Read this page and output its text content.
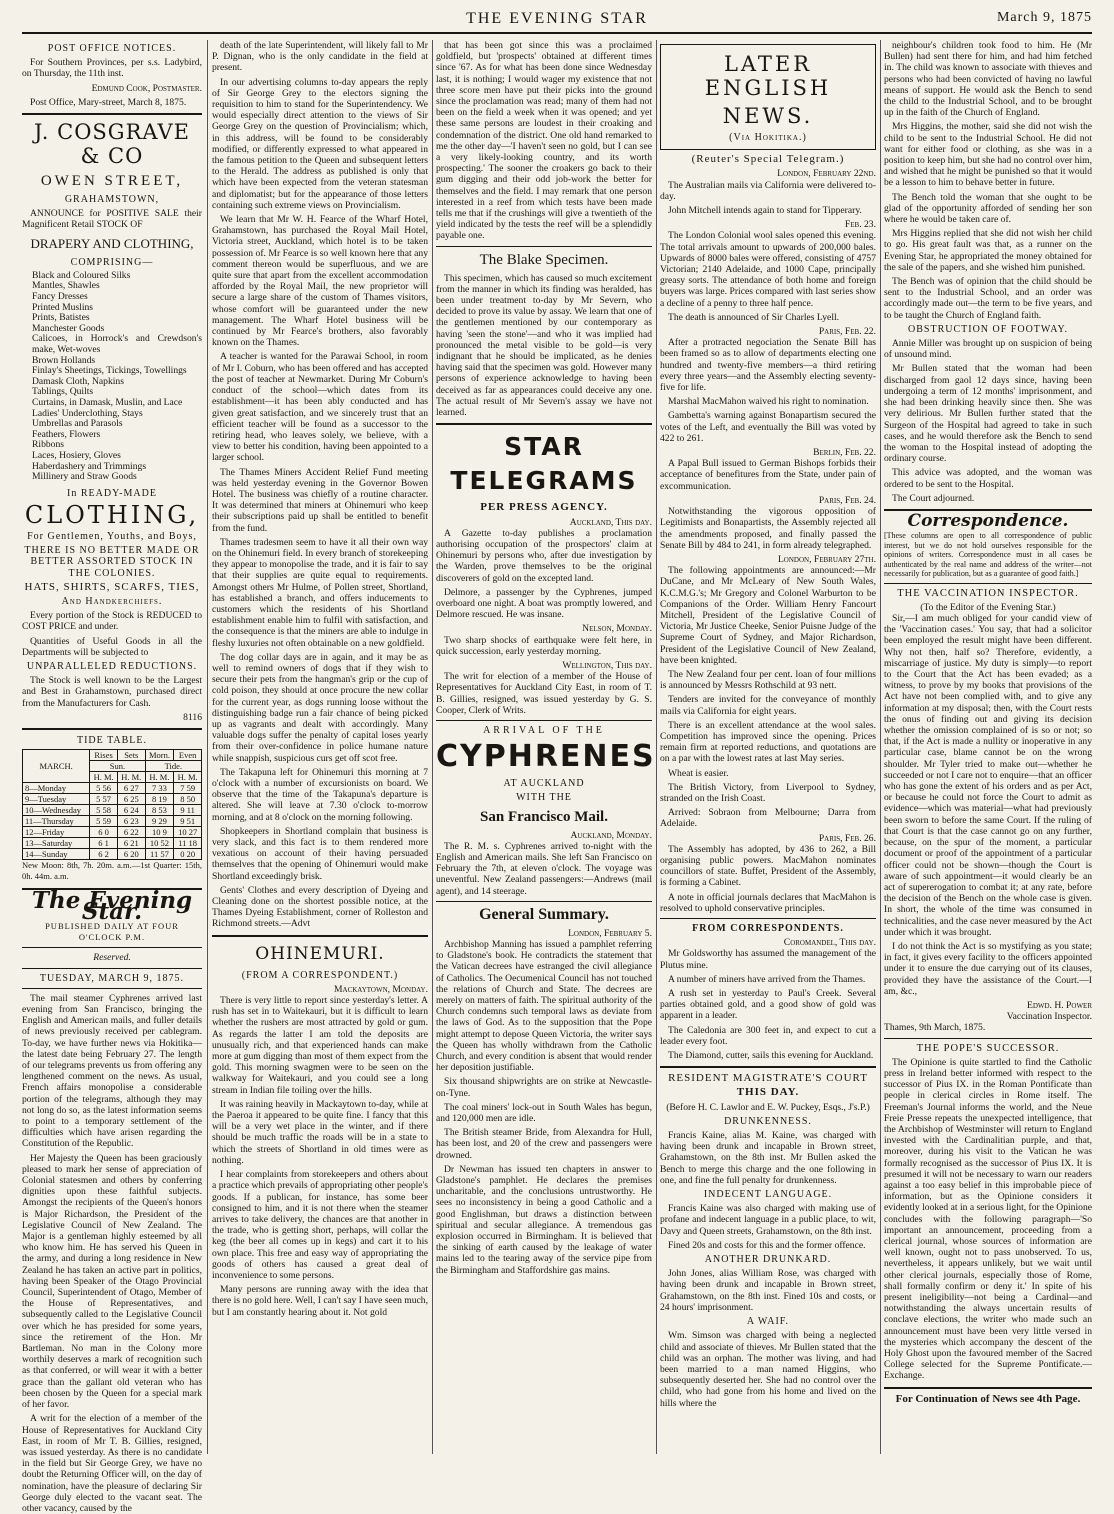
THE EVENING STAR	March 9, 1875
POST OFFICE NOTICES.

For Southern Provinces, per s.s. Ladybird, on Thursday, the 11th inst.

Edmund Cook, Postmaster.

Post Office, Mary-street, March 8, 1875.

J. COSGRAVE & CO
OWEN STREET,
GRAHAMSTOWN,

ANNOUNCE for POSITIVE SALE their Magnificent Retail STOCK OF

DRAPERY AND CLOTHING,
COMPRISING—
Black and Coloured Silks
Mantles, Shawles
Fancy Dresses
Printed Muslins
Prints, Batistes
Manchester Goods
Calicoes, in Horrock's and Crewdson's make, Wet-woves
Brown Hollands
Finlay's Sheetings, Tickings, Towellings
Damask Cloth, Napkins
Tablings, Quilts
Curtains, in Damask, Muslin, and Lace
Ladies' Underclothing, Stays
Umbrellas and Parasols
Feathers, Flowers
Ribbons
Laces, Hosiery, Gloves
Haberdashery and Trimmings
Millinery and Straw Goods
In READY-MADE
CLOTHING,
For Gentlemen, Youths, and Boys,
THERE IS NO BETTER MADE OR BETTER ASSORTED STOCK IN THE COLONIES.
HATS, SHIRTS, SCARFS, TIES,
And Handkerchiefs.

Every portion of the Stock is REDUCED to COST PRICE and under.

Quantities of Useful Goods in all the Departments will be subjected to

UNPARALLELED REDUCTIONS.

The Stock is well known to be the Largest and Best in Grahamstown, purchased direct from the Manufacturers for Cash.

8116
TIDE TABLE.
MARCH.	Rises	Sets	Morn.	Even
	Sun.		Tide.	
	H. M.	H. M.	H. M.	H. M.
8—Monday	5 56	6 27	7 33	7 59
9—Tuesday	5 57	6 25	8 19	8 50
10—Wednesday	5 58	6 24	8 53	9 11
11—Thursday	5 59	6 23	9 29	9 51
12—Friday	6 0	6 22	10 9	10 27
13—Saturday	6 1	6 21	10 52	11 18
14—Sunday	6 2	6 20	11 57	0 20

New Moon: 8th, 7h. 20m. a.m.—1st Quarter: 15th, 0h. 44m. a.m.

The Evening Star.
PUBLISHED DAILY AT FOUR O'CLOCK P.M.
Reserved.
TUESDAY, MARCH 9, 1875.

The mail steamer Cyphrenes arrived last evening from San Francisco, bringing the English and American mails, and fuller details of news previously received per cablegram. To-day, we have further news via Hokitika—the latest date being February 27. The length of our telegrams prevents us from offering any lengthened comment on the news. As usual, French affairs monopolise a considerable portion of the telegrams, although they may not long do so, as the latest information seems to point to a temporary settlement of the difficulties which have arisen regarding the Constitution of the Republic.

Her Majesty the Queen has been graciously pleased to mark her sense of appreciation of Colonial statesmen and others by conferring dignities upon these faithful subjects. Amongst the recipients of the Queen's honors is Major Richardson, the President of the Legislative Council of New Zealand. The Major is a gentleman highly esteemed by all who know him. He has served his Queen in the army, and during a long residence in New Zealand he has taken an active part in politics, having been Speaker of the Otago Provincial Council, Superintendent of Otago, Member of the House of Representatives, and subsequently called to the Legislative Council over which he has presided for some years, since the retirement of the Hon. Mr Bartleman. No man in the Colony more worthily deserves a mark of recognition such as that conferred, or will wear it with a better grace than the gallant old veteran who has been chosen by the Queen for a special mark of her favor.

A writ for the election of a member of the House of Representatives for Auckland City East, in room of Mr T. B. Gillies, resigned, was issued yesterday. As there is no candidate in the field but Sir George Grey, we have no doubt the Returning Officer will, on the day of nomination, have the pleasure of declaring Sir George duly elected to the vacant seat. The other vacancy, caused by the

death of the late Superintendent, will likely fall to Mr P. Dignan, who is the only candidate in the field at present.

In our advertising columns to-day appears the reply of Sir George Grey to the electors signing the requisition to him to stand for the Superintendency. We would especially direct attention to the views of Sir George Grey on the question of Provincialism; which, in this address, will be found to be considerably modified, or differently expressed to what appeared in the famous petition to the Queen and subsequent letters to the Herald. The address as published is only that which have been expected from the veteran statesman and diplomatist; but for the appearance of those letters containing such extreme views on Provincialism.

We learn that Mr W. H. Fearce of the Wharf Hotel, Grahamstown, has purchased the Royal Mail Hotel, Victoria street, Auckland, which hotel is to be taken possession of. Mr Fearce is so well known here that any comment thereon would be superfluous, and we are quite sure that apart from the excellent accommodation afforded by the Royal Mail, the new proprietor will secure a large share of the custom of Thames visitors, whose comfort will be guaranteed under the new management. The Wharf Hotel business will be continued by Mr Fearce's brothers, also favorably known on the Thames.

A teacher is wanted for the Parawai School, in room of Mr I. Coburn, who has been offered and has accepted the post of teacher at Newmarket. During Mr Coburn's conduct of the school—which dates from its establishment—it has been ably conducted and has given great satisfaction, and we sincerely trust that an efficient teacher will be found as a successor to the retiring head, who leaves solely, we believe, with a view to better his condition, having been appointed to a larger school.

The Thames Miners Accident Relief Fund meeting was held yesterday evening in the Governor Bowen Hotel. The business was chiefly of a routine character. It was determined that miners at Ohinemuri who keep their subscriptions paid up shall be entitled to benefit from the fund.

Thames tradesmen seem to have it all their own way on the Ohinemuri field. In every branch of storekeeping they appear to monopolise the trade, and it is fair to say that their supplies are quite equal to requirements. Amongst others Mr Hulme, of Pollen street, Shortland, has established a branch, and offers inducements to customers which the residents of his Shortland establishment enable him to fulfil with satisfaction, and the consequence is that the miners are able to indulge in fleshy luxuries not often obtainable on a new goldfield.

The dog collar days are in again, and it may be as well to remind owners of dogs that if they wish to secure their pets from the hangman's grip or the cup of cold poison, they should at once procure the new collar for the current year, as dogs running loose without the distinguishing badge run a fair chance of being picked up as vagrants and dealt with accordingly. Many valuable dogs suffer the penalty of capital loses yearly from their over-confidence in police humane nature while snappish, suspicious curs get off scot free.

The Takapuna left for Ohinemuri this morning at 7 o'clock with a number of excursionists on board. We observe that the time of the Takapuna's departure is altered. She will leave at 7.30 o'clock to-morrow morning, and at 8 o'clock on the morning following.

Shopkeepers in Shortland complain that business is very slack, and this fact is to them rendered more vexatious on account of their having persuaded themselves that the opening of Ohinemuri would make Shortland exceedingly brisk.

Gents' Clothes and every description of Dyeing and Cleaning done on the shortest possible notice, at the Thames Dyeing Establishment, corner of Rolleston and Richmond streets.—Advt

OHINEMURI.
(FROM A CORRESPONDENT.)
Mackaytown, Monday.

There is very little to report since yesterday's letter. A rush has set in to Waitekauri, but it is difficult to learn whether the rushers are most attracted by gold or gum. As regards the latter I am told the deposits are unusually rich, and that experienced hands can make more at gum digging than most of them expect from the gold. This morning swagmen were to be seen on the walkway for Waitekauri, and you could see a long stream in Indian file toiling over the hills.

It was raining heavily in Mackaytown to-day, while at the Paeroa it appeared to be quite fine. I fancy that this will be a very wet place in the winter, and if there should be much traffic the roads will be in a state to which the streets of Shortland in old times were as nothing.

I hear complaints from storekeepers and others about a practice which prevails of appropriating other people's goods. If a publican, for instance, has some beer consigned to him, and it is not there when the steamer arrives to take delivery, the chances are that another in the trade, who is getting short, perhaps, will collar the keg (the beer all comes up in kegs) and cart it to his own place. This free and easy way of appropriating the goods of others has caused a great deal of inconvenience to some persons.

Many persons are running away with the idea that there is no gold here. Well, I can't say I have seen much, but I am constantly hearing about it. Not gold

that has been got since this was a proclaimed goldfield, but 'prospects' obtained at different times since '67. As for what has been done since Wednesday last, it is nothing; I would wager my existence that not three score men have put their picks into the ground since the proclamation was read; many of them had not been on the field a week when it was opened; and yet these same persons are loudest in their croaking and condemnation of the district. One old hand remarked to me the other day—'I haven't seen no gold, but I can see a very likely-looking country, and its worth prospecting.' The sooner the croakers go back to their gum digging and their odd job-work the better for themselves and the field. I may remark that one person interested in a reef from which tests have been made tells me that if the crushings will give a twentieth of the yield indicated by the tests the reef will be a splendidly payable one.

The Blake Specimen.

This specimen, which has caused so much excitement from the manner in which its finding was heralded, has been under treatment to-day by Mr Severn, who decided to prove its value by assay. We learn that one of the gentlemen mentioned by our contemporary as having 'seen the stone'—and who it was implied had pronounced the metal visible to be gold—is very indignant that he should be implicated, as he denies having said that the specimen was gold. However many persons of experience acknowledge to having been deceived as far as appearances could deceive any one. The actual result of Mr Severn's assay we have not learned.

STAR TELEGRAMS
PER PRESS AGENCY.
Auckland, This day.

A Gazette to-day publishes a proclamation authorising occupation of the prospectors' claim at Ohinemuri by persons who, after due investigation by the Warden, prove themselves to be the original discoverers of gold on the excepted land.

Delmore, a passenger by the Cyphrenes, jumped overboard one night. A boat was promptly lowered, and Delmore rescued. He was insane.

Nelson, Monday.

Two sharp shocks of earthquake were felt here, in quick succession, early yesterday morning.

Wellington, This day.

The writ for election of a member of the House of Representatives for Auckland City East, in room of T. B. Gillies, resigned, was issued yesterday by G. S. Cooper, Clerk of Writs.

ARRIVAL OF THE
CYPHRENES
AT AUCKLAND
WITH THE
San Francisco Mail.
Auckland, Monday.

The R. M. s. Cyphrenes arrived to-night with the English and American mails. She left San Francisco on February the 7th, at eleven o'clock. The voyage was uneventful. New Zealand passengers:—Andrews (mail agent), and 14 steerage.

General Summary.
London, February 5.

Archbishop Manning has issued a pamphlet referring to Gladstone's book. He contradicts the statement that the Vatican decrees have estranged the civil allegiance of Catholics. The Oecumenical Council has not touched the relations of Church and State. The decrees are merely on matters of faith. The spiritual authority of the Church condemns such temporal laws as deviate from the laws of God. As to the supposition that the Pope might attempt to depose Queen Victoria, the writer says the Queen has wholly withdrawn from the Catholic Church, and every condition is absent that would render her deposition justifiable.

Six thousand shipwrights are on strike at Newcastle-on-Tyne.

The coal miners' lock-out in South Wales has begun, and 120,000 men are idle.

The British steamer Bride, from Alexandra for Hull, has been lost, and 20 of the crew and passengers were drowned.

Dr Newman has issued ten chapters in answer to Gladstone's pamphlet. He declares the premises uncharitable, and the conclusions untrustworthy. He sees no inconsistency in being a good Catholic and a good Englishman, but draws a distinction between spiritual and secular allegiance. A tremendous gas explosion occurred in Birmingham. It is believed that the sinking of earth caused by the leakage of water mains led to the tearing away of the service pipe from the Birmingham and Staffordshire gas mains.

LATER ENGLISH
NEWS.
(Via Hokitika.)
(Reuter's Special Telegram.)
London, February 22nd.

The Australian mails via California were delivered to-day.

John Mitchell intends again to stand for Tipperary.

Feb. 23.

The London Colonial wool sales opened this evening. The total arrivals amount to upwards of 200,000 bales. Upwards of 8000 bales were offered, consisting of 4757 Victorian; 2140 Adelaide, and 1000 Cape, principally greasy sorts. The attendance of both home and foreign buyers was large. Prices compared with last series show a decline of a penny to three half pence.

The death is announced of Sir Charles Lyell.

Paris, Feb. 22.

After a protracted negociation the Senate Bill has been framed so as to allow of departments electing one hundred and twenty-five members—a third retiring every three years—and the Assembly electing seventy-five for life.

Marshal MacMahon waived his right to nomination.

Gambetta's warning against Bonapartism secured the votes of the Left, and eventually the Bill was voted by 422 to 261.

Berlin, Feb. 22.

A Papal Bull issued to German Bishops forbids their acceptance of benefitures from the State, under pain of excommunication.

Paris, Feb. 24.

Notwithstanding the vigorous opposition of Legitimists and Bonapartists, the Assembly rejected all the amendments proposed, and finally passed the Senate Bill by 484 to 241, in form already telegraphed.

London, February 27th.

The following appointments are announced:—Mr DuCane, and Mr McLeary of New South Wales, K.C.M.G.'s; Mr Gregory and Colonel Warburton to be Companions of the Order. William Henry Fancourt Mitchell, President of the Legislative Council of Victoria, Mr Justice Cheeke, Senior Puisne Judge of the Supreme Court of Sydney, and Major Richardson, President of the Legislative Council of New Zealand, have been knighted.

The New Zealand four per cent. loan of four millions is announced by Messrs Rothschild at 93 nett.

Tenders are invited for the conveyance of monthly mails via California for eight years.

There is an excellent attendance at the wool sales. Competition has improved since the opening. Prices remain firm at reported reductions, and quotations are on a par with the lowest rates at last May series.

Wheat is easier.

The British Victory, from Liverpool to Sydney, stranded on the Irish Coast.

Arrived: Sobraon from Melbourne; Darra from Adelaide.

Paris, Feb. 26.

The Assembly has adopted, by 436 to 262, a Bill organising public powers. MacMahon nominates councillors of state. Buffet, President of the Assembly, is forming a Cabinet.

A note in official journals declares that MacMahon is resolved to uphold conservative principles.

FROM CORRESPONDENTS.
Coromandel, This day.

Mr Goldsworthy has assumed the management of the Plutus mine.

A number of miners have arrived from the Thames.

A rush set in yesterday to Paul's Creek. Several parties obtained gold, and a good show of gold was apparent in a leader.

The Caledonia are 300 feet in, and expect to cut a leader every foot.

The Diamond, cutter, sails this evening for Auckland.

RESIDENT MAGISTRATE'S COURT
THIS DAY.
(Before H. C. Lawlor and E. W. Puckey, Esqs., J's.P.)
DRUNKENNESS.

Francis Kaine, alias M. Kaine, was charged with having been drunk and incapable in Brown street, Grahamstown, on the 8th inst. Mr Bullen asked the Bench to merge this charge and the one following in one, and fine the full penalty for drunkenness.

INDECENT LANGUAGE.

Francis Kaine was also charged with making use of profane and indecent language in a public place, to wit, Davy and Queen streets, Grahamstown, on the 8th inst.

Fined 20s and costs for this and the former offence.

ANOTHER DRUNKARD.

John Jones, alias William Rose, was charged with having been drunk and incapable in Brown street, Grahamstown, on the 8th inst. Fined 10s and costs, or 24 hours' imprisonment.

A WAIF.

Wm. Simson was charged with being a neglected child and associate of thieves. Mr Bullen stated that the child was an orphan. The mother was living, and had been married to a man named Higgins, who subsequently deserted her. She had no control over the child, who had gone from his home and lived on the hills where the

neighbour's children took food to him. He (Mr Bullen) had sent there for him, and had him fetched in. The child was known to associate with thieves and persons who had been convicted of having no lawful means of support. He would ask the Bench to send the child to the Industrial School, and to be brought up in the faith of the Church of England.

Mrs Higgins, the mother, said she did not wish the child to be sent to the Industrial School. He did not want for either food or clothing, as she was in a position to keep him, but she had no control over him, and wished that he might be punished so that it would be a lesson to him to behave better in future.

The Bench told the woman that she ought to be glad of the opportunity afforded of sending her son where he would be taken care of.

Mrs Higgins replied that she did not wish her child to go. His great fault was that, as a runner on the Evening Star, he appropriated the money obtained for the sale of the papers, and she wished him punished.

The Bench was of opinion that the child should be sent to the Industrial School, and an order was accordingly made out—the term to be five years, and to be taught the Church of England faith.

OBSTRUCTION OF FOOTWAY.

Annie Miller was brought up on suspicion of being of unsound mind.

Mr Bullen stated that the woman had been discharged from gaol 12 days since, having been undergoing a term of 12 months' imprisonment, and she had been drinking heavily since then. She was very delirious. Mr Bullen further stated that the Surgeon of the Hospital had agreed to take in such cases, and he would therefore ask the Bench to send the woman to the Hospital instead of adopting the ordinary course.

This advice was adopted, and the woman was ordered to be sent to the Hospital.

The Court adjourned.

Correspondence.

[These columns are open to all correspondence of public interest, but we do not hold ourselves responsible for the opinions of writers. Correspondence must in all cases be authenticated by the real name and address of the writer—not necessarily for publication, but as a guarantee of good faith.]

THE VACCINATION INSPECTOR.
(To the Editor of the Evening Star.)

Sir,—I am much obliged for your candid view of the 'Vaccination cases.' You say, that had a solicitor been employed the result might have been different. Why not then, half so? Therefore, evidently, a miscarriage of justice. My duty is simply—to report to the Court that the Act has been evaded; as a witness, to prove by my books that provisions of the Act have not been complied with, and to give any information at my disposal; then, with the Court rests the onus of finding out and giving its decision whether the omission complained of is so or not; so that, if the Act is made a nullity or inoperative in any particular case, blame cannot be on the wrong shoulder. Mr Tyler tried to make out—whether he succeeded or not I care not to enquire—that an officer who has gone the extent of his orders and as per Act, or because he could not force the Court to admit as evidence—which was material—what had previously been sworn to before the same Court. If the ruling of that Court is that the case cannot go on any further, because, on the spur of the moment, a particular document or proof of the appointment of a particular officer could not be shown—though the Court is aware of such appointment—it would clearly be an act of supererogation to combat it; at any rate, before the decision of the Bench on the whole case is given. In short, the whole of the time was consumed in technicalities, and the case never measured by the Act under which it was brought.

I do not think the Act is so mystifying as you state; in fact, it gives every facility to the officers appointed under it to ensure the due carrying out of its clauses, provided they have the assistance of the Court.—I am, &c.,

Edwd. H. Power
Vaccination Inspector.
Thames, 9th March, 1875.
THE POPE'S SUCCESSOR.

The Opinione is quite startled to find the Catholic press in Ireland better informed with respect to the successor of Pius IX. in the Roman Pontificate than people in clerical circles in Rome itself. The Freeman's Journal informs the world, and the Neue Freie Presse repeats the unexpected intelligence, that the Archbishop of Westminster will return to England invested with the Cardinalitian purple, and that, moreover, during his visit to the Vatican he was formally recognised as the successor of Pius IX. It is presumed it will not be necessary to warn our readers against a too easy belief in this improbable piece of information, but as the Opinione considers it evidently looked at in a serious light, for the Opinione concludes with the following paragraph—'So important an announcement, proceeding from a clerical journal, whose sources of information are well known, ought not to pass unobserved. To us, nevertheless, it appears unlikely, but we wait until other clerical journals, especially those of Rome, shall formally confirm or deny it.' In spite of his present ineligibility—not being a Cardinal—and notwithstanding the always uncertain results of conclave elections, the writer who made such an announcement must have been very little versed in the mysteries which accompany the descent of the Holy Ghost upon the favoured member of the Sacred College selected for the Supreme Pontificate.—Exchange.

For Continuation of News see 4th Page.
